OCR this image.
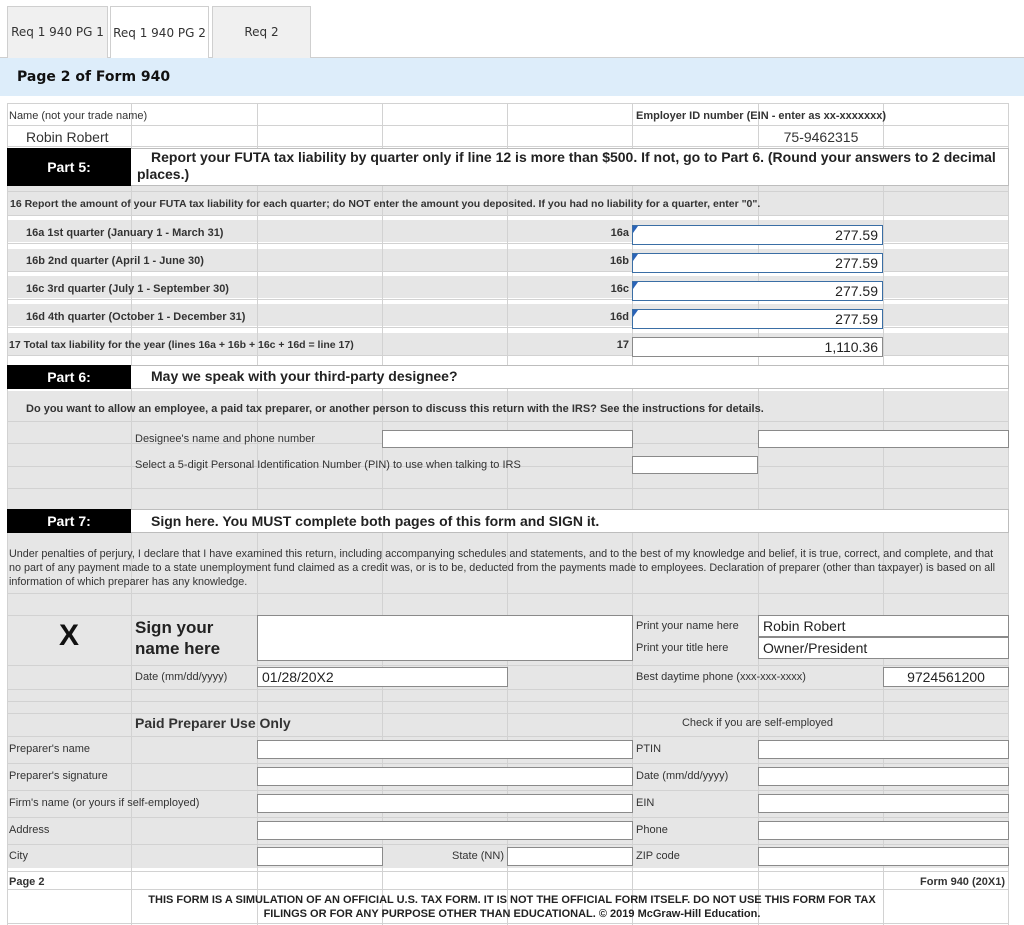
Req 1 940 PG 1 Req 1 940 PG 2	Req 2
Page 2 of Form 940
Name (not your trade name)
Robin Robert
Employer ID number (EIN - enter as xx-xxxxxxx)
75-9462315
Part 5:
Report your FUTA tax liability by quarter only if line 12 is more than $500. If not, go to Part 6. (Round your answers to 2 decimal places.)
16 Report the amount of your FUTA tax liability for each quarter; do NOT enter the amount you deposited. If you had no liability for a quarter, enter "0".
16a 1st quarter (January 1 - March 31)	16a	277.59
16b 2nd quarter (April 1 - June 30)	16b	277.59
16c 3rd quarter (July 1 - September 30)	16c	277.59
16d 4th quarter (October 1 - December 31)	16d	277.59
17 Total tax liability for the year (lines 16a + 16b + 16c + 16d = line 17)	17	1,110.36
Part 6:	May we speak with your third-party designee?
Do you want to allow an employee, a paid tax preparer, or another person to discuss this return with the IRS? See the instructions for details.
Designee's name and phone number
Select a 5-digit Personal Identification Number (PIN) to use when talking to IRS
Part 7:	Sign here. You MUST complete both pages of this form and SIGN it.
Under penalties of perjury, I declare that I have examined this return, including accompanying schedules and statements, and to the best of my knowledge and belief, it is true, correct, and complete, and that no part of any payment made to a state unemployment fund claimed as a credit was, or is to be, deducted from the payments made to employees. Declaration of preparer (other than taxpayer) is based on all information of which preparer has any knowledge.
X	Sign your name here
Print your name here	Robin Robert
Print your title here	Owner/President
Date (mm/dd/yyyy)	01/28/20X2	Best daytime phone (xxx-xxx-xxxx)	9724561200
Paid Preparer Use Only	Check if you are self-employed
Preparer's name	PTIN
Preparer's signature	Date (mm/dd/yyyy)
Firm's name (or yours if self-employed)	EIN
Address	Phone
City	State (NN)	ZIP code
Page 2	Form 940 (20X1)
THIS FORM IS A SIMULATION OF AN OFFICIAL U.S. TAX FORM. IT IS NOT THE OFFICIAL FORM ITSELF. DO NOT USE THIS FORM FOR TAX FILINGS OR FOR ANY PURPOSE OTHER THAN EDUCATIONAL. © 2019 McGraw-Hill Education.
